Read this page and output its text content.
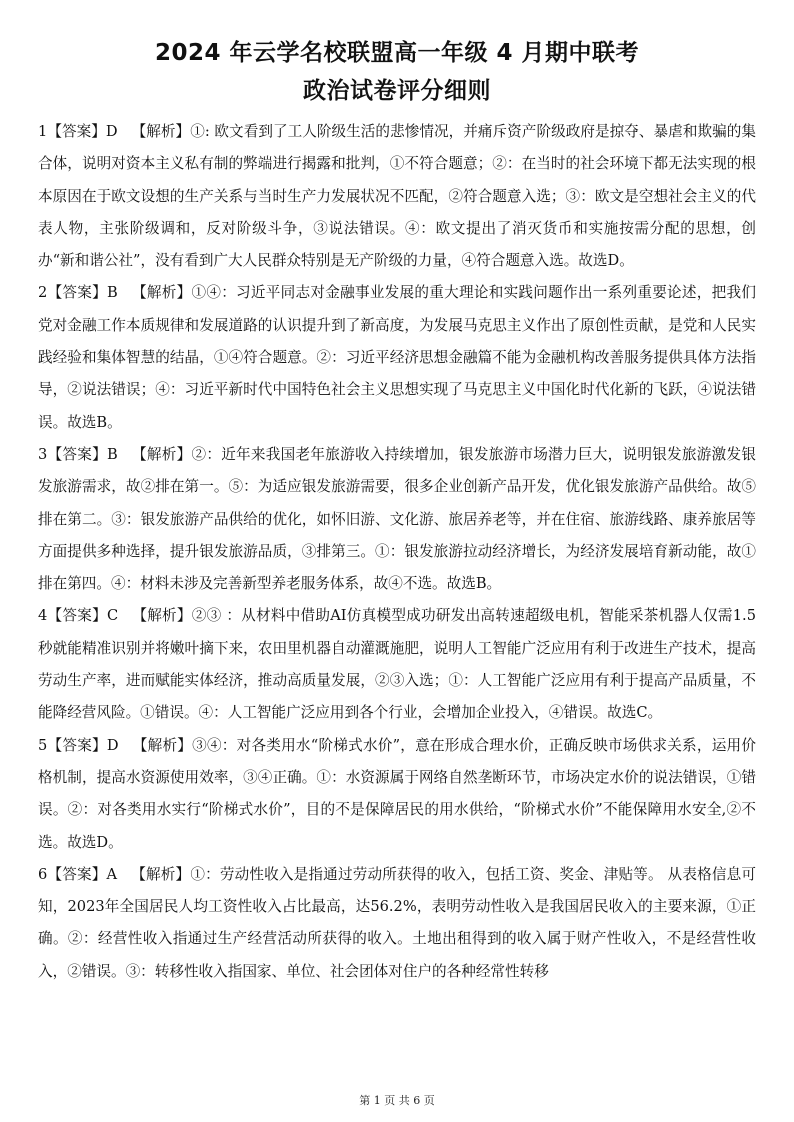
2024 年云学名校联盟高一年级 4 月期中联考
政治试卷评分细则

1【答案】D 【解析】①: 欧文看到了工人阶级生活的悲惨情况，并痛斥资产阶级政府是掠夺、暴虐和欺骗的集合体，说明对资本主义私有制的弊端进行揭露和批判，①不符合题意；②：在当时的社会环境下都无法实现的根本原因在于欧文设想的生产关系与当时生产力发展状况不匹配，②符合题意入选；③：欧文是空想社会主义的代表人物，主张阶级调和，反对阶级斗争，③说法错误。④：欧文提出了消灭货币和实施按需分配的思想，创办“新和谐公社”，没有看到广大人民群众特别是无产阶级的力量，④符合题意入选。故选D。

2【答案】B 【解析】①④：习近平同志对金融事业发展的重大理论和实践问题作出一系列重要论述，把我们党对金融工作本质规律和发展道路的认识提升到了新高度，为发展马克思主义作出了原创性贡献，是党和人民实践经验和集体智慧的结晶，①④符合题意。②：习近平经济思想金融篇不能为金融机构改善服务提供具体方法指导，②说法错误；④：习近平新时代中国特色社会主义思想实现了马克思主义中国化时代化新的飞跃，④说法错误。故选B。

3【答案】B 【解析】②：近年来我国老年旅游收入持续增加，银发旅游市场潜力巨大，说明银发旅游激发银发旅游需求，故②排在第一。⑤：为适应银发旅游需要，很多企业创新产品开发，优化银发旅游产品供给。故⑤排在第二。③：银发旅游产品供给的优化，如怀旧游、文化游、旅居养老等，并在住宿、旅游线路、康养旅居等方面提供多种选择，提升银发旅游品质，③排第三。①：银发旅游拉动经济增长，为经济发展培育新动能，故①排在第四。④：材料未涉及完善新型养老服务体系，故④不选。故选B。

4【答案】C 【解析】②③ ：从材料中借助AI仿真模型成功研发出高转速超级电机，智能采茶机器人仅需1.5秒就能精准识别并将嫩叶摘下来，农田里机器自动灌溉施肥，说明人工智能广泛应用有利于改进生产技术，提高劳动生产率，进而赋能实体经济，推动高质量发展，②③入选；①：人工智能广泛应用有利于提高产品质量，不能降经营风险。①错误。④：人工智能广泛应用到各个行业，会增加企业投入，④错误。故选C。

5【答案】D 【解析】③④：对各类用水“阶梯式水价”，意在形成合理水价，正确反映市场供求关系，运用价格机制，提高水资源使用效率，③④正确。①：水资源属于网络自然垄断环节，市场决定水价的说法错误，①错误。②：对各类用水实行“阶梯式水价”，目的不是保障居民的用水供给，“阶梯式水价”不能保障用水安全,②不选。故选D。

6【答案】A 【解析】①：劳动性收入是指通过劳动所获得的收入，包括工资、奖金、津贴等。 从表格信息可知，2023年全国居民人均工资性收入占比最高，达56.2%，表明劳动性收入是我国居民收入的主要来源，①正确。②：经营性收入指通过生产经营活动所获得的收入。土地出租得到的收入属于财产性收入，不是经营性收入，②错误。③：转移性收入指国家、单位、社会团体对住户的各种经常性转移

第 1 页 共 6 页
